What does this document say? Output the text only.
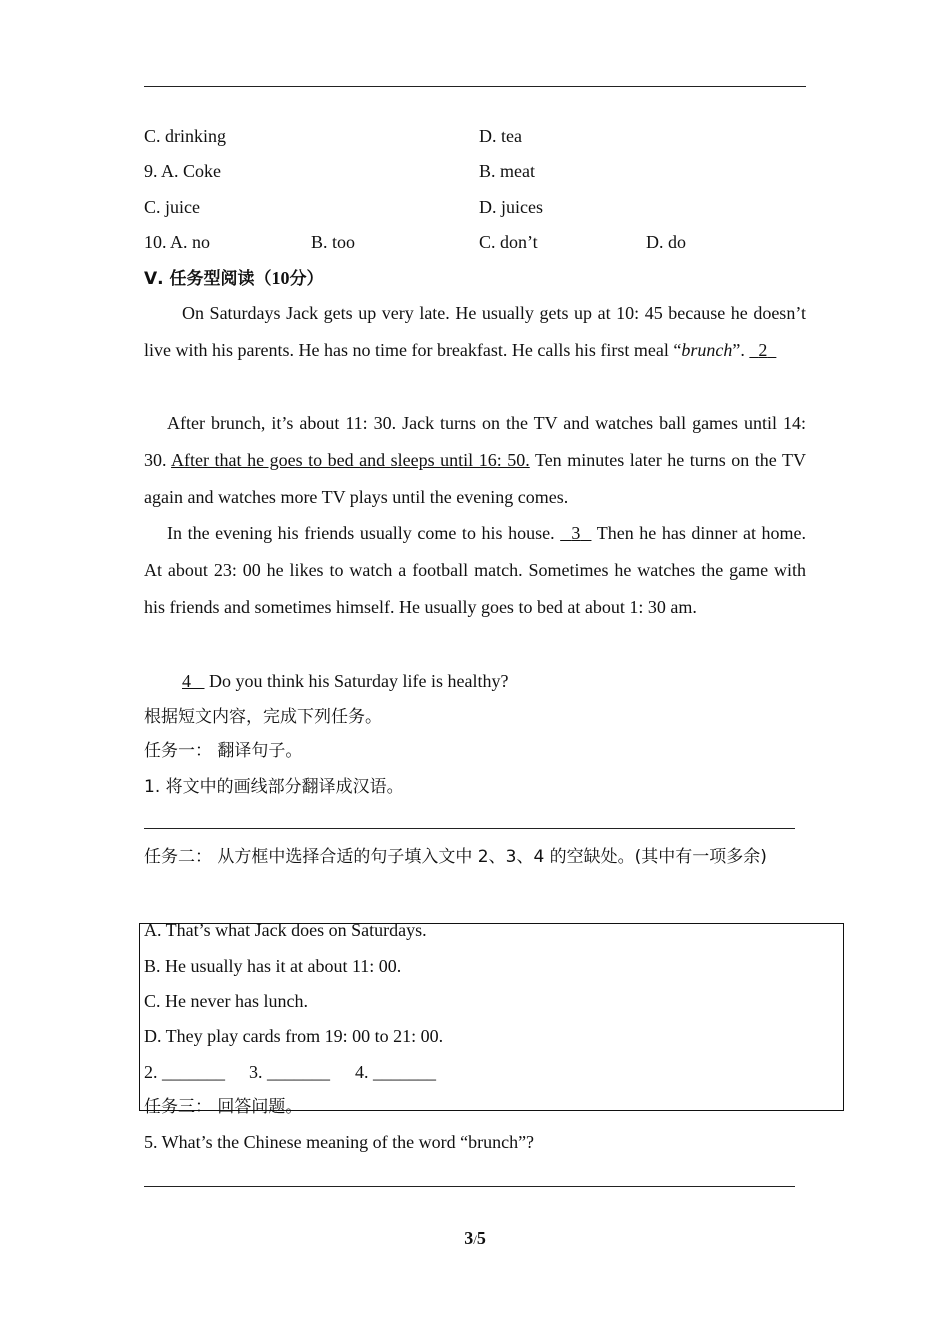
C. drinking	D. tea
9. A. Coke	B. meat
C. juice	D. juices
10. A. no	B. too	C. don’t	D. do
Ⅴ. 任务型阅读（10分）
On Saturdays Jack gets up very late. He usually gets up at 10: 45 because he doesn’t live with his parents. He has no time for breakfast. He calls his first meal “brunch”.   2
After brunch, it’s about 11: 30. Jack turns on the TV and watches ball games until 14: 30. After that he goes to bed and sleeps until 16: 50. Ten minutes later he turns on the TV again and watches more TV plays until the evening comes.
In the evening his friends usually come to his house.   3   Then he has dinner at home. At about 23: 00 he likes to watch a football match. Sometimes he watches the game with his friends and sometimes himself. He usually goes to bed at about 1: 30 am.
4    Do you think his Saturday life is healthy?
根据短文内容，完成下列任务。
任务一： 翻译句子。
1. 将文中的画线部分翻译成汉语。
任务二： 从方框中选择合适的句子填入文中 2、3、4 的空缺处。(其中有一项多余)
A. That’s what Jack does on Saturdays.
B. He usually has it at about 11: 00.
C. He never has lunch.
D. They play cards from 19: 00 to 21: 00.
2. _______ 3. _______ 4. _______
任务三： 回答问题。
5. What’s the Chinese meaning of the word “brunch”?
3/5
